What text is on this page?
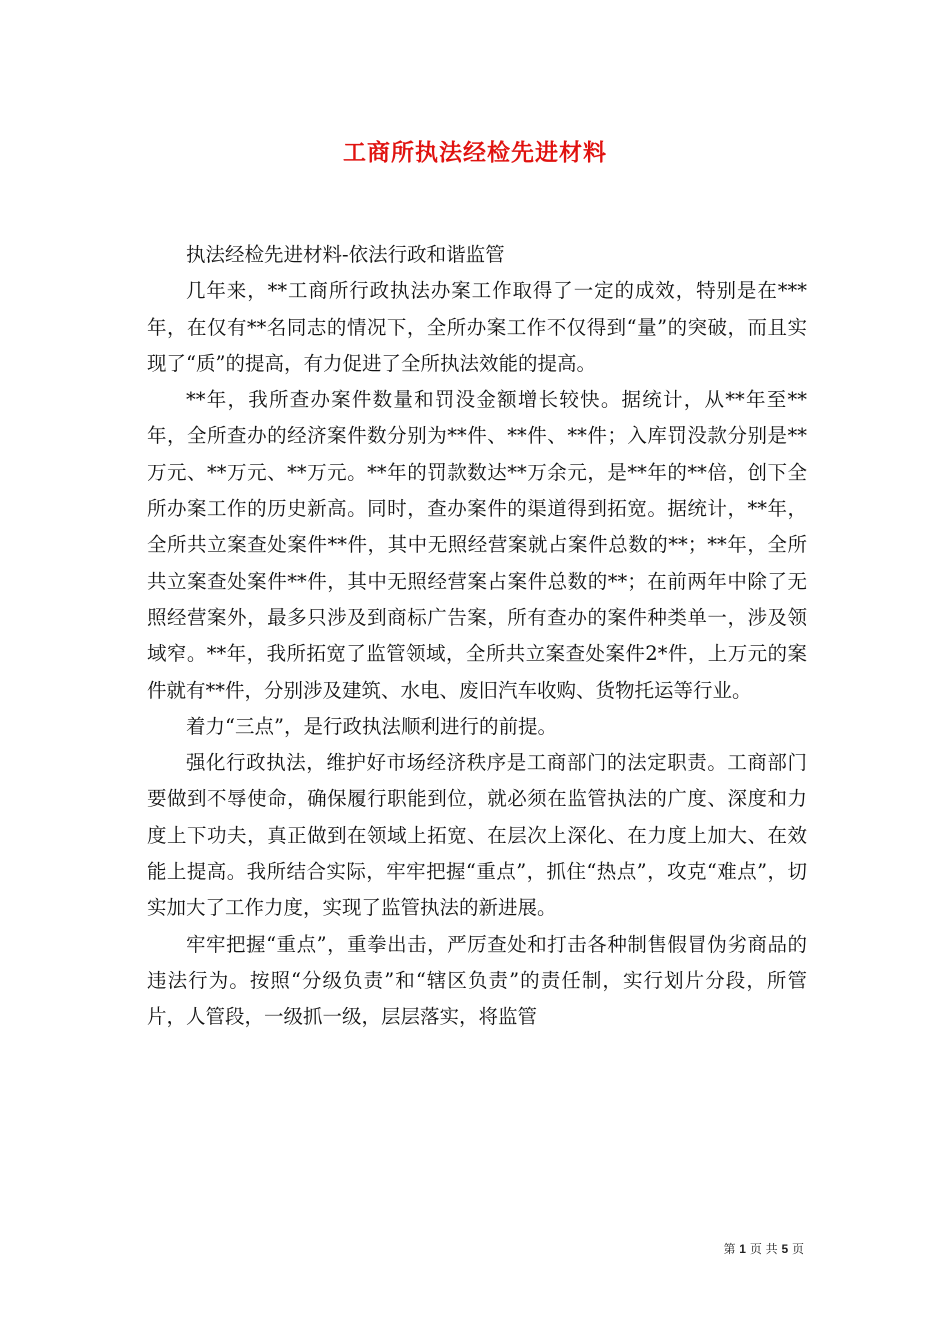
工商所执法经检先进材料

执法经检先进材料-依法行政和谐监管

几年来，**工商所行政执法办案工作取得了一定的成效，特别是在***年，在仅有**名同志的情况下，全所办案工作不仅得到“量”的突破，而且实现了“质”的提高，有力促进了全所执法效能的提高。

**年，我所查办案件数量和罚没金额增长较快。据统计，从**年至**年，全所查办的经济案件数分别为**件、**件、**件；入库罚没款分别是**万元、**万元、**万元。**年的罚款数达**万余元，是**年的**倍，创下全所办案工作的历史新高。同时，查办案件的渠道得到拓宽。据统计，**年，全所共立案查处案件**件，其中无照经营案就占案件总数的**；**年，全所共立案查处案件**件，其中无照经营案占案件总数的**；在前两年中除了无照经营案外，最多只涉及到商标广告案，所有查办的案件种类单一，涉及领域窄。**年，我所拓宽了监管领域，全所共立案查处案件2*件，上万元的案件就有**件，分别涉及建筑、水电、废旧汽车收购、货物托运等行业。

着力“三点”，是行政执法顺利进行的前提。

强化行政执法，维护好市场经济秩序是工商部门的法定职责。工商部门要做到不辱使命，确保履行职能到位，就必须在监管执法的广度、深度和力度上下功夫，真正做到在领域上拓宽、在层次上深化、在力度上加大、在效能上提高。我所结合实际，牢牢把握“重点”，抓住“热点”，攻克“难点”，切实加大了工作力度，实现了监管执法的新进展。

牢牢把握“重点”，重拳出击，严厉查处和打击各种制售假冒伪劣商品的违法行为。按照“分级负责”和“辖区负责”的责任制，实行划片分段，所管片，人管段，一级抓一级，层层落实，将监管

第 1 页 共 5 页
